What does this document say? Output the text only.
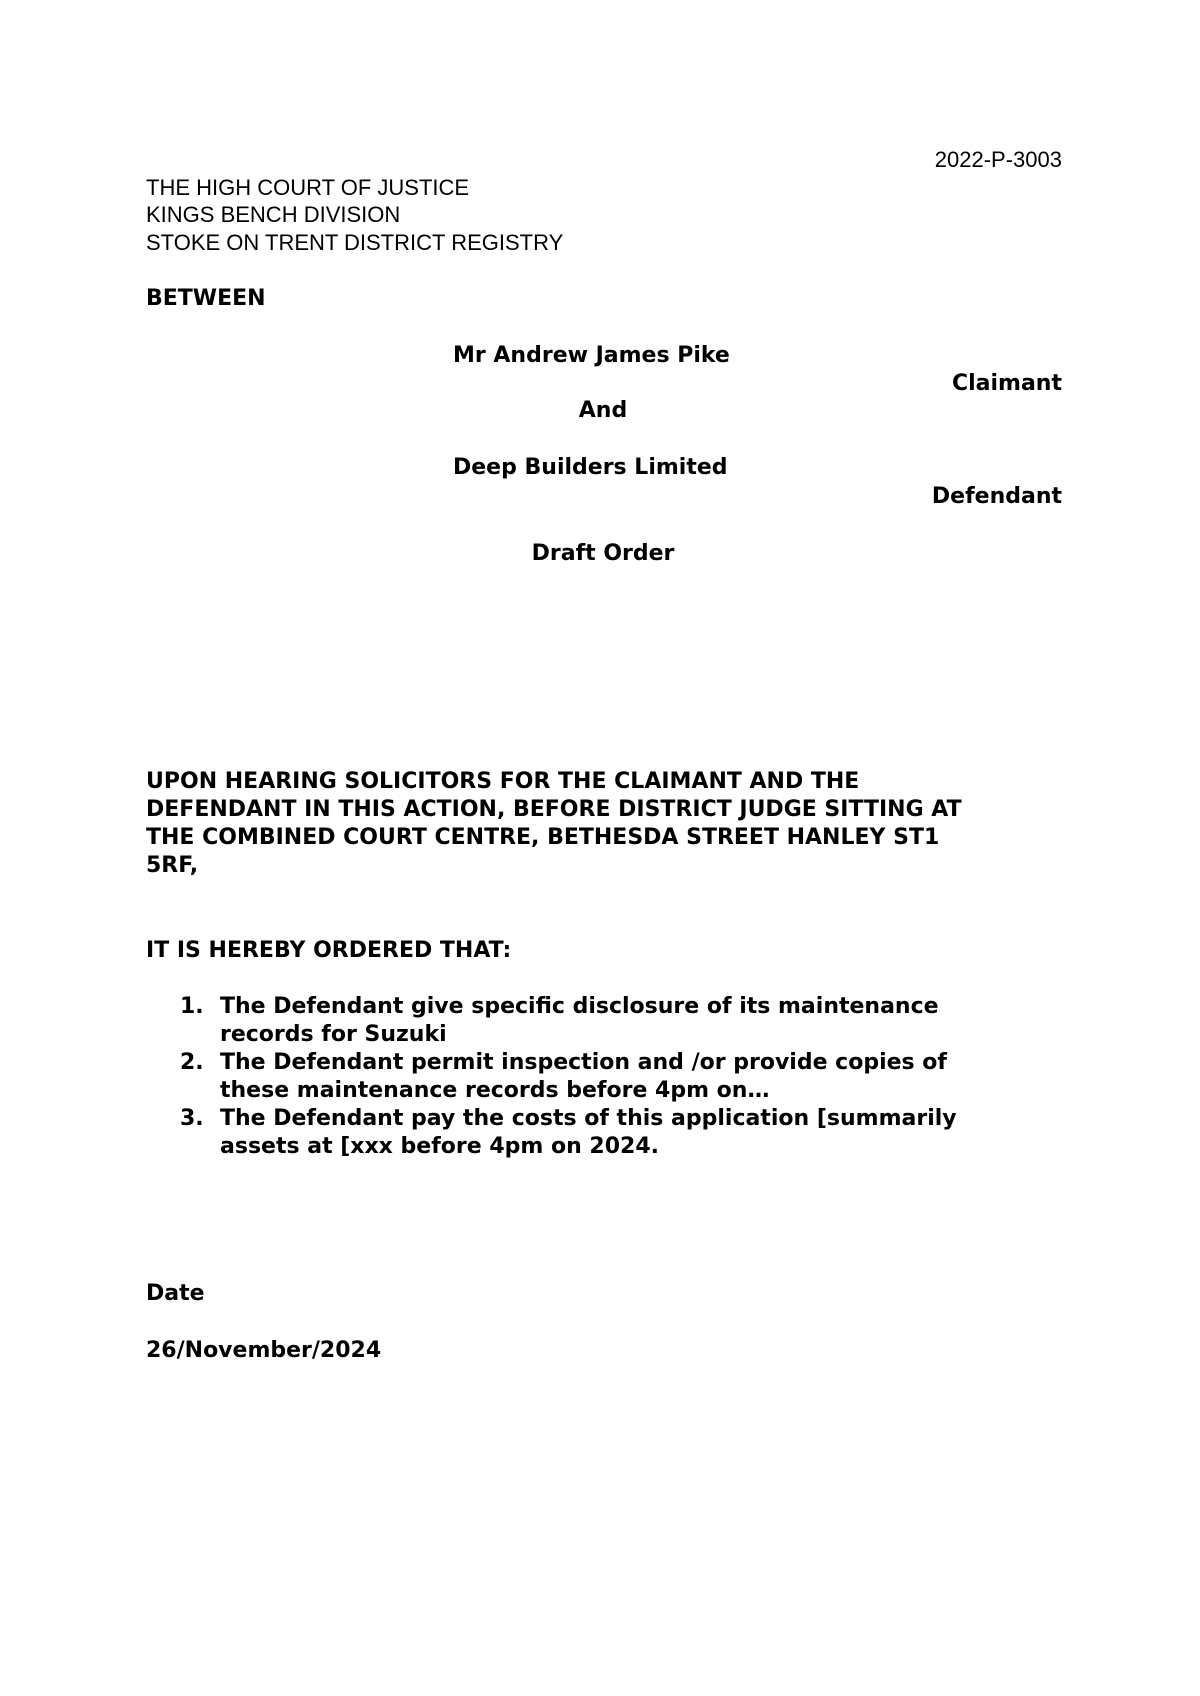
2022-P-3003
THE HIGH COURT OF JUSTICE
KINGS BENCH DIVISION
STOKE ON TRENT DISTRICT REGISTRY
BETWEEN
Mr Andrew James Pike
Claimant
And
Deep Builders Limited
Defendant
Draft Order
UPON HEARING SOLICITORS FOR THE CLAIMANT AND THE
DEFENDANT IN THIS ACTION, BEFORE DISTRICT JUDGE SITTING AT
THE COMBINED COURT CENTRE, BETHESDA STREET HANLEY ST1
5RF,
IT IS HEREBY ORDERED THAT:
1. The Defendant give specific disclosure of its maintenance
records for Suzuki
2. The Defendant permit inspection and /or provide copies of
these maintenance records before 4pm on…
3. The Defendant pay the costs of this application [summarily
assets at [xxx before 4pm on 2024.
Date
26/November/2024
